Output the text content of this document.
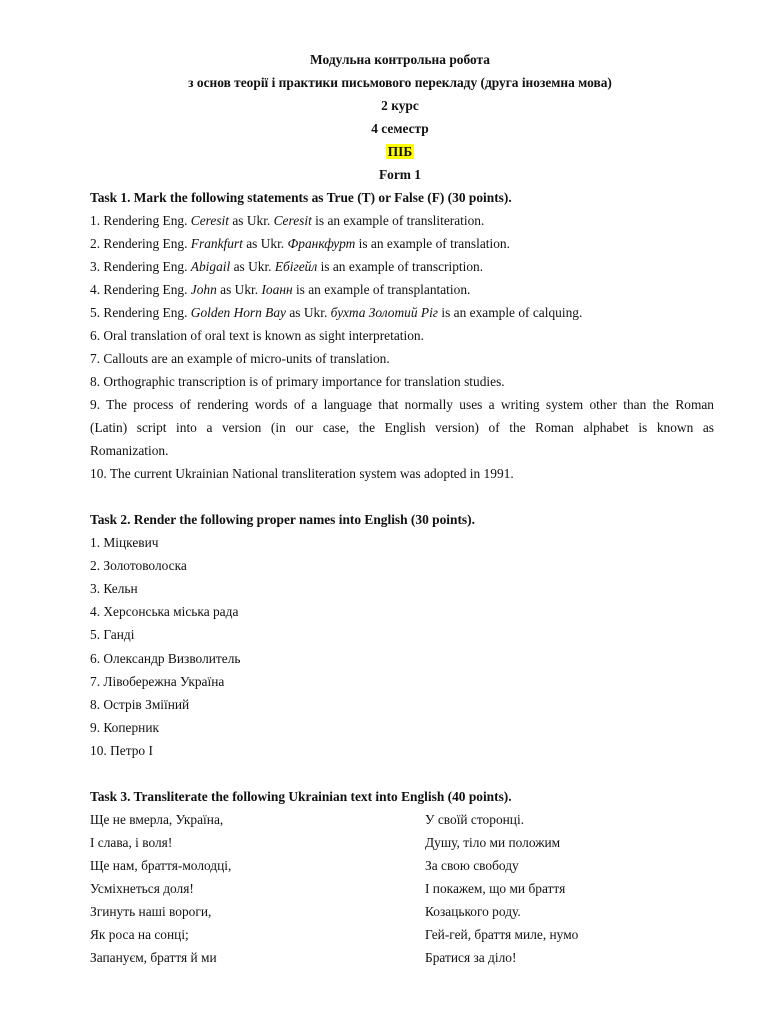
Модульна контрольна робота
з основ теорії і практики письмового перекладу (друга іноземна мова)
2 курс
4 семестр
ПІБ
Form 1
Task 1. Mark the following statements as True (T) or False (F) (30 points).
1. Rendering Eng. Ceresit as Ukr. Ceresit is an example of transliteration.
2. Rendering Eng. Frankfurt as Ukr. Франкфурт is an example of translation.
3. Rendering Eng. Abigail as Ukr. Ебігейл is an example of transcription.
4. Rendering Eng. John as Ukr. Іоанн is an example of transplantation.
5. Rendering Eng. Golden Horn Bay as Ukr. бухта Золотий Ріг is an example of calquing.
6. Oral translation of oral text is known as sight interpretation.
7. Callouts are an example of micro-units of translation.
8. Orthographic transcription is of primary importance for translation studies.
9. The process of rendering words of a language that normally uses a writing system other than the Roman
(Latin) script into a version (in our case, the English version) of the Roman alphabet is known as
Romanization.
10. The current Ukrainian National transliteration system was adopted in 1991.
Task 2. Render the following proper names into English (30 points).
1. Міцкевич
2. Золотоволоска
3. Кельн
4. Херсонська міська рада
5. Ганді
6. Олександр Визволитель
7. Лівобережна Україна
8. Острів Зміїний
9. Коперник
10. Петро І
Task 3. Transliterate the following Ukrainian text into English (40 points).
Ще не вмерла, Україна,
І слава, і воля!
Ще нам, браття-молодці,
Усміхнеться доля!
Згинуть наші вороги,
Як роса на сонці;
Запануєм, браття й ми
У своїй сторонці.
Душу, тіло ми положим
За свою свободу
І покажем, що ми браття
Козацького роду.
Гей-гей, браття миле, нумо
Братися за діло!
